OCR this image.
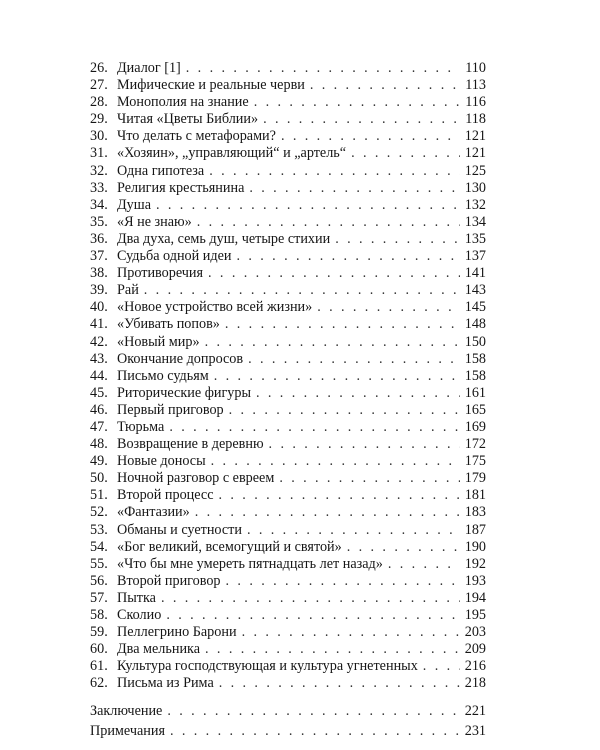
26. Диалог [1] . . .	110
27. Мифические и реальные черви . . .	113
28. Монополия на знание . . .	116
29. Читая «Цветы Библии» . . .	118
30. Что делать с метафорами? . . .	121
31. «Хозяин», „управляющий“ и „артель“ . . .	121
32. Одна гипотеза . . .	125
33. Религия крестьянина . . .	130
34. Душа . . .	132
35. «Я не знаю» . . .	134
36. Два духа, семь душ, четыре стихии . . .	135
37. Судьба одной идеи . . .	137
38. Противоречия . . .	141
39. Рай . . .	143
40. «Новое устройство всей жизни» . . .	145
41. «Убивать попов» . . .	148
42. «Новый мир» . . .	150
43. Окончание допросов . . .	158
44. Письмо судьям . . .	158
45. Риторические фигуры . . .	161
46. Первый приговор . . .	165
47. Тюрьма . . .	169
48. Возвращение в деревню . . .	172
49. Новые доносы . . .	175
50. Ночной разговор с евреем . . .	179
51. Второй процесс . . .	181
52. «Фантазии» . . .	183
53. Обманы и суетности . . .	187
54. «Бог великий, всемогущий и святой» . . .	190
55. «Что бы мне умереть пятнадцать лет назад» . . .	192
56. Второй приговор . . .	193
57. Пытка . . .	194
58. Сколио . . .	195
59. Пеллегрино Барони . . .	203
60. Два мельника . . .	209
61. Культура господствующая и культура угнетенных . . .	216
62. Письма из Рима . . .	218
Заключение . . .	221
Примечания . . .	231
